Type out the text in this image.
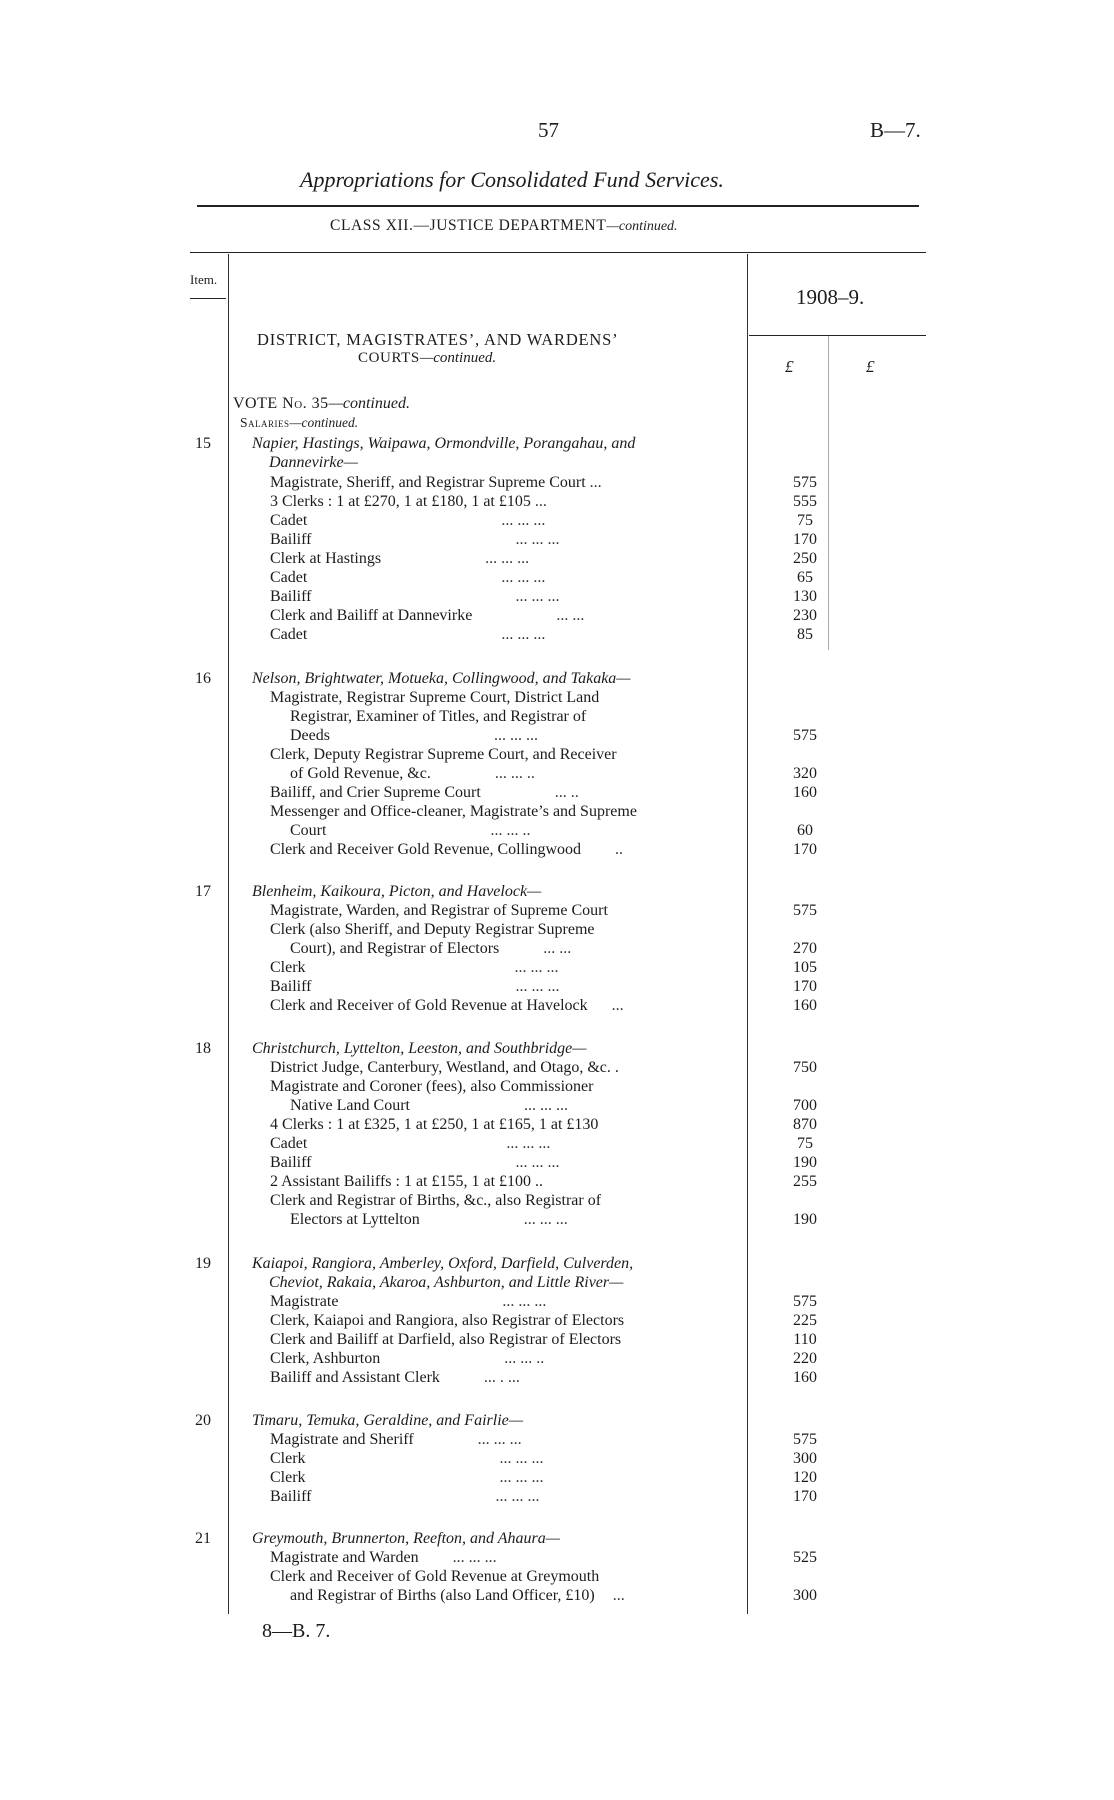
57	B—7.
Appropriations for Consolidated Fund Services.
CLASS XII.—JUSTICE DEPARTMENT—continued.
Item.
1908–9.
£	£
DISTRICT, MAGISTRATES’, AND WARDENS’
COURTS—continued.
VOTE No. 35—continued.
Salaries—continued.
15	Napier, Hastings, Waipawa, Ormondville, Porangahau, and
Dannevirke—
Magistrate, Sheriff, and Registrar Supreme Court ...	575
3 Clerks : 1 at £270, 1 at £180, 1 at £105 ...	555
Cadet	... ... ...	75
Bailiff	... ... ...	170
Clerk at Hastings	... ... ...	250
Cadet	... ... ...	65
Bailiff	... ... ...	130
Clerk and Bailiff at Dannevirke	... ...	230
Cadet	... ... ...	85
16	Nelson, Brightwater, Motueka, Collingwood, and Takaka—
Magistrate, Registrar Supreme Court, District Land
Registrar, Examiner of Titles, and Registrar of
Deeds	... ... ...	575
Clerk, Deputy Registrar Supreme Court, and Receiver
of Gold Revenue, &c.	... ... ..	320
Bailiff, and Crier Supreme Court	... ..	160
Messenger and Office-cleaner, Magistrate’s and Supreme
Court	... ... ..	60
Clerk and Receiver Gold Revenue, Collingwood ..	170
17	Blenheim, Kaikoura, Picton, and Havelock—
Magistrate, Warden, and Registrar of Supreme Court	575
Clerk (also Sheriff, and Deputy Registrar Supreme
Court), and Registrar of Electors	... ...	270
Clerk	... ... ...	105
Bailiff	... ... ...	170
Clerk and Receiver of Gold Revenue at Havelock ...	160
18	Christchurch, Lyttelton, Leeston, and Southbridge—
District Judge, Canterbury, Westland, and Otago, &c. .	750
Magistrate and Coroner (fees), also Commissioner
Native Land Court	... ... ...	700
4 Clerks : 1 at £325, 1 at £250, 1 at £165, 1 at £130	870
Cadet	... ... ...	75
Bailiff	... ... ...	190
2 Assistant Bailiffs : 1 at £155, 1 at £100 ..	255
Clerk and Registrar of Births, &c., also Registrar of
Electors at Lyttelton	... ... ...	190
19	Kaiapoi, Rangiora, Amberley, Oxford, Darfield, Culverden,
Cheviot, Rakaia, Akaroa, Ashburton, and Little River—
Magistrate	... ... ...	575
Clerk, Kaiapoi and Rangiora, also Registrar of Electors	225
Clerk and Bailiff at Darfield, also Registrar of Electors	110
Clerk, Ashburton	... ... ..	220
Bailiff and Assistant Clerk	... . ...	160
20	Timaru, Temuka, Geraldine, and Fairlie—
Magistrate and Sheriff	... ... ...	575
Clerk	... ... ...	300
Clerk	... ... ...	120
Bailiff	... ... ...	170
21	Greymouth, Brunnerton, Reefton, and Ahaura—
Magistrate and Warden ... ... ...	525
Clerk and Receiver of Gold Revenue at Greymouth
and Registrar of Births (also Land Officer, £10) ...	300
8—B. 7.
